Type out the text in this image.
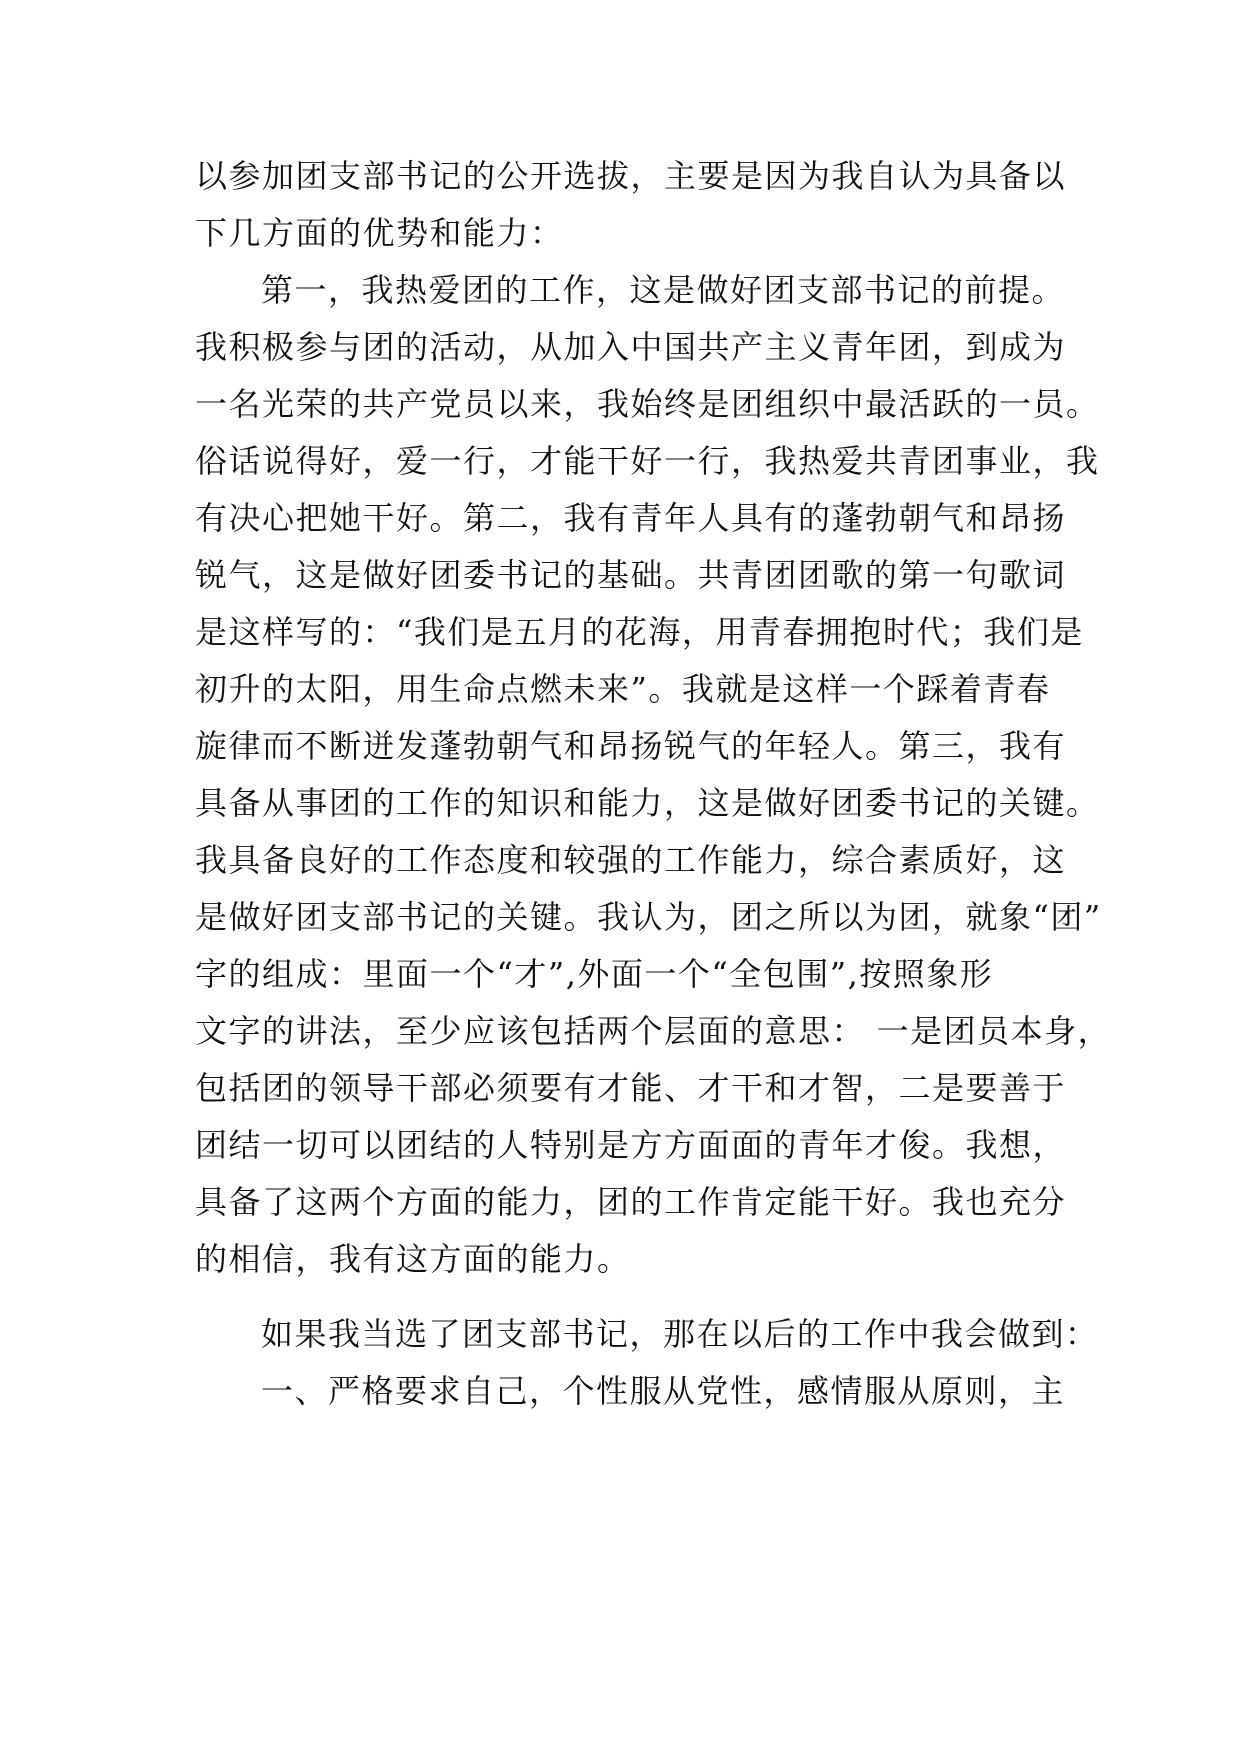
以参加团支部书记的公开选拔，主要是因为我自认为具备以
下几方面的优势和能力：
第一，我热爱团的工作，这是做好团支部书记的前提。
我积极参与团的活动，从加入中国共产主义青年团，到成为
一名光荣的共产党员以来，我始终是团组织中最活跃的一员。
俗话说得好，爱一行，才能干好一行，我热爱共青团事业，我
有决心把她干好。第二，我有青年人具有的蓬勃朝气和昂扬
锐气，这是做好团委书记的基础。共青团团歌的第一句歌词
是这样写的：“我们是五月的花海，用青春拥抱时代；我们是
初升的太阳，用生命点燃未来”。我就是这样一个踩着青春
旋律而不断迸发蓬勃朝气和昂扬锐气的年轻人。第三，我有
具备从事团的工作的知识和能力，这是做好团委书记的关键。
我具备良好的工作态度和较强的工作能力，综合素质好，这
是做好团支部书记的关键。我认为，团之所以为团，就象“团”
字的组成：里面一个“才”,外面一个“全包围”,按照象形
文字的讲法，至少应该包括两个层面的意思： 一是团员本身，
包括团的领导干部必须要有才能、才干和才智，二是要善于
团结一切可以团结的人特别是方方面面的青年才俊。我想，
具备了这两个方面的能力，团的工作肯定能干好。我也充分
的相信，我有这方面的能力。
如果我当选了团支部书记，那在以后的工作中我会做到：
一、严格要求自己，个性服从党性，感情服从原则，主
